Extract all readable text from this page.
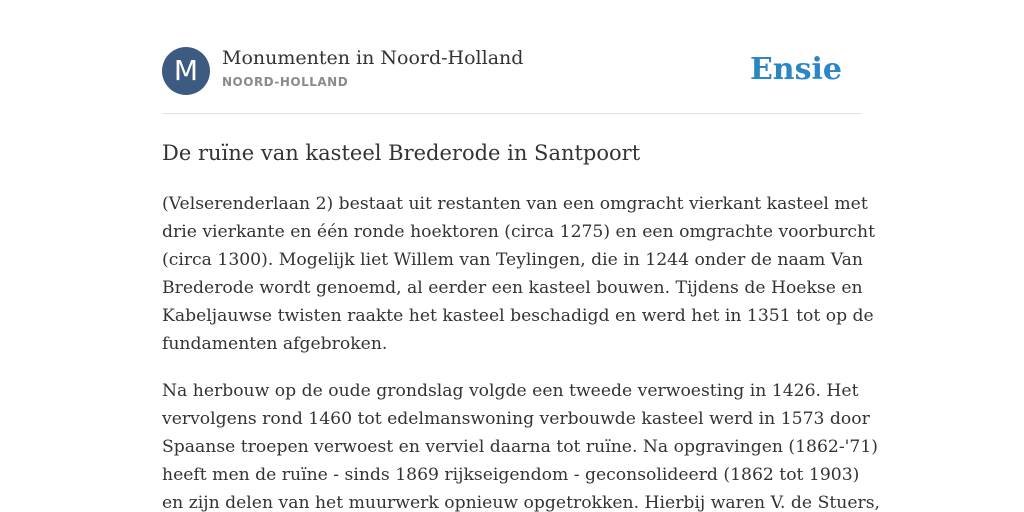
M	Monumenten in Noord-Holland
NOORD-HOLLAND	Ensie
De ruïne van kasteel Brederode in Santpoort

(Velserenderlaan 2) bestaat uit restanten van een omgracht vierkant kasteel met
drie vierkante en één ronde hoektoren (circa 1275) en een omgrachte voorburcht
(circa 1300). Mogelijk liet Willem van Teylingen, die in 1244 onder de naam Van
Brederode wordt genoemd, al eerder een kasteel bouwen. Tijdens de Hoekse en
Kabeljauwse twisten raakte het kasteel beschadigd en werd het in 1351 tot op de
fundamenten afgebroken.

Na herbouw op de oude grondslag volgde een tweede verwoesting in 1426. Het
vervolgens rond 1460 tot edelmanswoning verbouwde kasteel werd in 1573 door
Spaanse troepen verwoest en verviel daarna tot ruïne. Na opgravingen (1862-'71)
heeft men de ruïne - sinds 1869 rijkseigendom - geconsolideerd (1862 tot 1903)
en zijn delen van het muurwerk opnieuw opgetrokken. Hierbij waren V. de Stuers,
